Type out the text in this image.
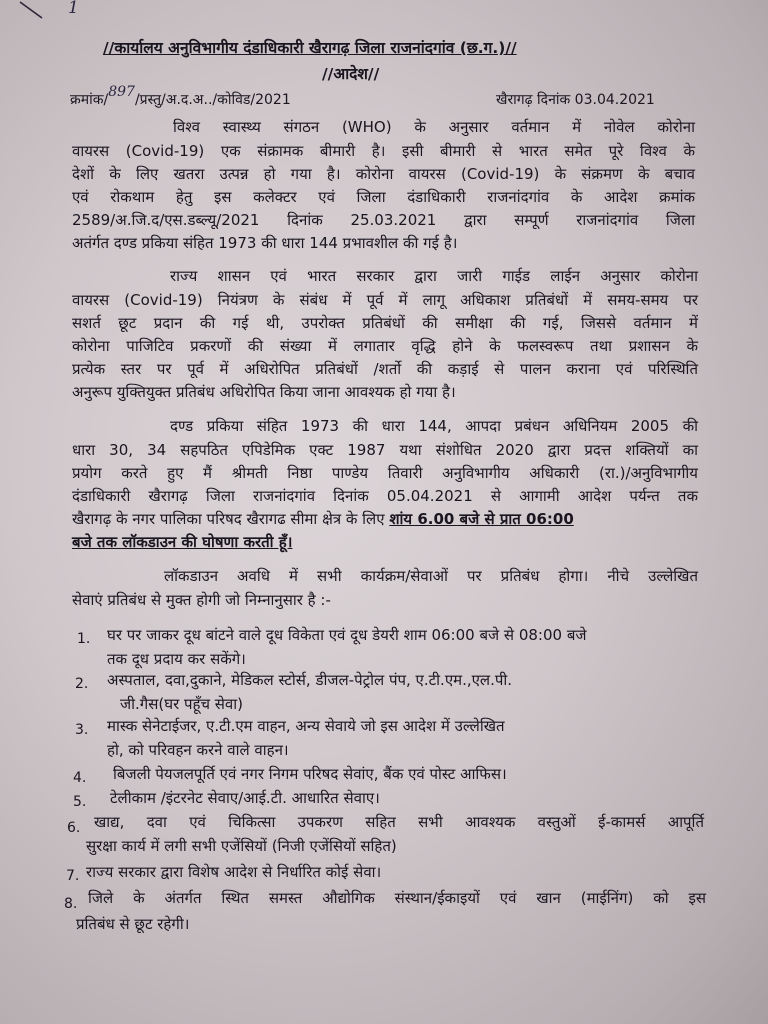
1
//कार्यालय अनुविभागीय दंडाधिकारी खैरागढ़ जिला राजनांदगांव (छ.ग.)//
//आदेश//
क्रमांक/897/प्रस्तु/अ.द.अ../कोविड/2021	खैरागढ़ दिनांक 03.04.2021
विश्व स्वास्थ्य संगठन (WHO) के अनुसार वर्तमान में नोवेल कोरोना
वायरस (Covid-19) एक संक्रामक बीमारी है। इसी बीमारी से भारत समेत पूरे विश्व के
देशों के लिए खतरा उत्पन्न हो गया है। कोरोना वायरस (Covid-19) के संक्रमण के बचाव
एवं रोकथाम हेतु इस कलेक्टर एवं जिला दंडाधिकारी राजनांदगांव के आदेश क्रमांक
2589/अ.जि.द/एस.डब्ल्यू/2021 दिनांक 25.03.2021 द्वारा सम्पूर्ण राजनांदगांव जिला
अतंर्गत दण्ड प्रकिया संहित 1973 की धारा 144 प्रभावशील की गई है।
राज्य शासन एवं भारत सरकार द्वारा जारी गाईड लाईन अनुसार कोरोना
वायरस (Covid-19) नियंत्रण के संबंध में पूर्व में लागू अधिकाश प्रतिबंधों में समय-समय पर
सशर्त छूट प्रदान की गई थी, उपरोक्त प्रतिबंधों की समीक्षा की गई, जिससे वर्तमान में
कोरोना पाजिटिव प्रकरणों की संख्या में लगातार वृद्धि होने के फलस्वरूप तथा प्रशासन के
प्रत्येक स्तर पर पूर्व में अधिरोपित प्रतिबंधों /शर्तो की कड़ाई से पालन कराना एवं परिस्थिति
अनुरूप युक्तियुक्त प्रतिबंध अधिरोपित किया जाना आवश्यक हो गया है।
दण्ड प्रकिया संहित 1973 की धारा 144, आपदा प्रबंधन अधिनियम 2005 की
धारा 30, 34 सहपठित एपिडेमिक एक्ट 1987 यथा संशोधित 2020 द्वारा प्रदत्त शक्तियों का
प्रयोग करते हुए मैं श्रीमती निष्ठा पाण्डेय तिवारी अनुविभागीय अधिकारी (रा.)/अनुविभागीय
दंडाधिकारी खैरागढ़ जिला राजनांदगांव दिनांक 05.04.2021 से आगामी आदेश पर्यन्त तक
खैरागढ़ के नगर पालिका परिषद खैरागढ सीमा क्षेत्र के लिए शांय 6.00 बजे से प्रात 06:00
बजे तक लॉकडाउन की घोषणा करती हूँ।
लॉकडाउन अवधि में सभी कार्यक्रम/सेवाओं पर प्रतिबंध होगा। नीचे उल्लेखित
सेवाएं प्रतिबंध से मुक्त होगी जो निम्नानुसार है :-
1. घर पर जाकर दूध बांटने वाले दूध विकेता एवं दूध डेयरी शाम 06:00 बजे से 08:00 बजे
तक दूध प्रदाय कर सकेंगे।
2. अस्पताल, दवा,दुकाने, मेडिकल स्टोर्स, डीजल-पेट्रोल पंप, ए.टी.एम.,एल.पी.
जी.गैस(घर पहूँच सेवा)
3. मास्क सेनेटाईजर, ए.टी.एम वाहन, अन्य सेवाये जो इस आदेश में उल्लेखित
हो, को परिवहन करने वाले वाहन।
4. बिजली पेयजलपूर्ति एवं नगर निगम परिषद सेवांए, बैंक एवं पोस्ट आफिस।
5. टेलीकाम /इंटरनेट सेवाए/आई.टी. आधारित सेवाए।
6. खाद्य, दवा एवं चिकित्सा उपकरण सहित सभी आवश्यक वस्तुओं ई-कामर्स आपूर्ति
सुरक्षा कार्य में लगी सभी एजेंसियों (निजी एजेंसियों सहित)
7. राज्य सरकार द्वारा विशेष आदेश से निर्धारित कोई सेवा।
8. जिले के अंतर्गत स्थित समस्त औद्योगिक संस्थान/ईकाइयों एवं खान (माईनिंग) को इस
प्रतिबंध से छूट रहेगी।
